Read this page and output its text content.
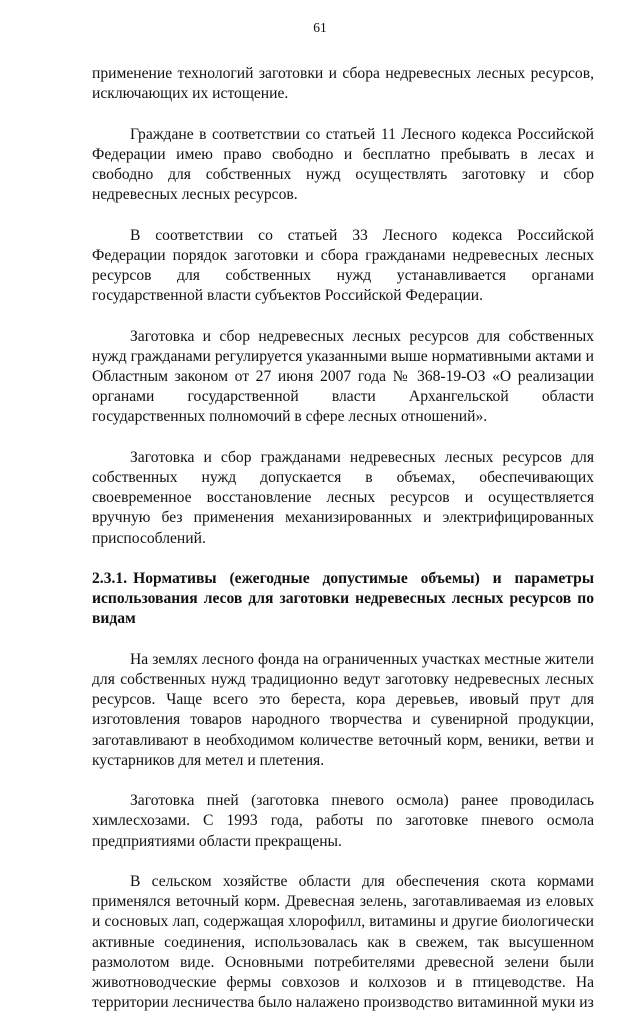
61

применение технологий заготовки и сбора недревесных лесных ресурсов, исключающих их истощение.

Граждане в соответствии со статьей 11 Лесного кодекса Российской Федерации имею право свободно и бесплатно пребывать в лесах и свободно для собственных нужд осуществлять заготовку и сбор недревесных лесных ресурсов.

В соответствии со статьей 33 Лесного кодекса Российской Федерации порядок заготовки и сбора гражданами недревесных лесных ресурсов для собственных нужд устанавливается органами государственной власти субъектов Российской Федерации.

Заготовка и сбор недревесных лесных ресурсов для собственных нужд гражданами регулируется указанными выше нормативными актами и Областным законом от 27 июня 2007 года № 368-19-ОЗ «О реализации органами государственной власти Архангельской области государственных полномочий в сфере лесных отношений».

Заготовка и сбор гражданами недревесных лесных ресурсов для собственных нужд допускается в объемах, обеспечивающих своевременное восстановление лесных ресурсов и осуществляется вручную без применения механизированных и электрифицированных приспособлений.

2.3.1. Нормативы (ежегодные допустимые объемы) и параметры использования лесов для заготовки недревесных лесных ресурсов по видам

На землях лесного фонда на ограниченных участках местные жители для собственных нужд традиционно ведут заготовку недревесных лесных ресурсов. Чаще всего это береста, кора деревьев, ивовый прут для изготовления товаров народного творчества и сувенирной продукции, заготавливают в необходимом количестве веточный корм, веники, ветви и кустарников для метел и плетения.

Заготовка пней (заготовка пневого осмола) ранее проводилась химлесхозами. С 1993 года, работы по заготовке пневого осмола предприятиями области прекращены.

В сельском хозяйстве области для обеспечения скота кормами применялся веточный корм. Древесная зелень, заготавливаемая из еловых и сосновых лап, содержащая хлорофилл, витамины и другие биологически активные соединения, использовалась как в свежем, так высушенном размолотом виде. Основными потребителями древесной зелени были животноводческие фермы совхозов и колхозов и в птицеводстве. На территории лесничества было налажено производство витаминной муки из
